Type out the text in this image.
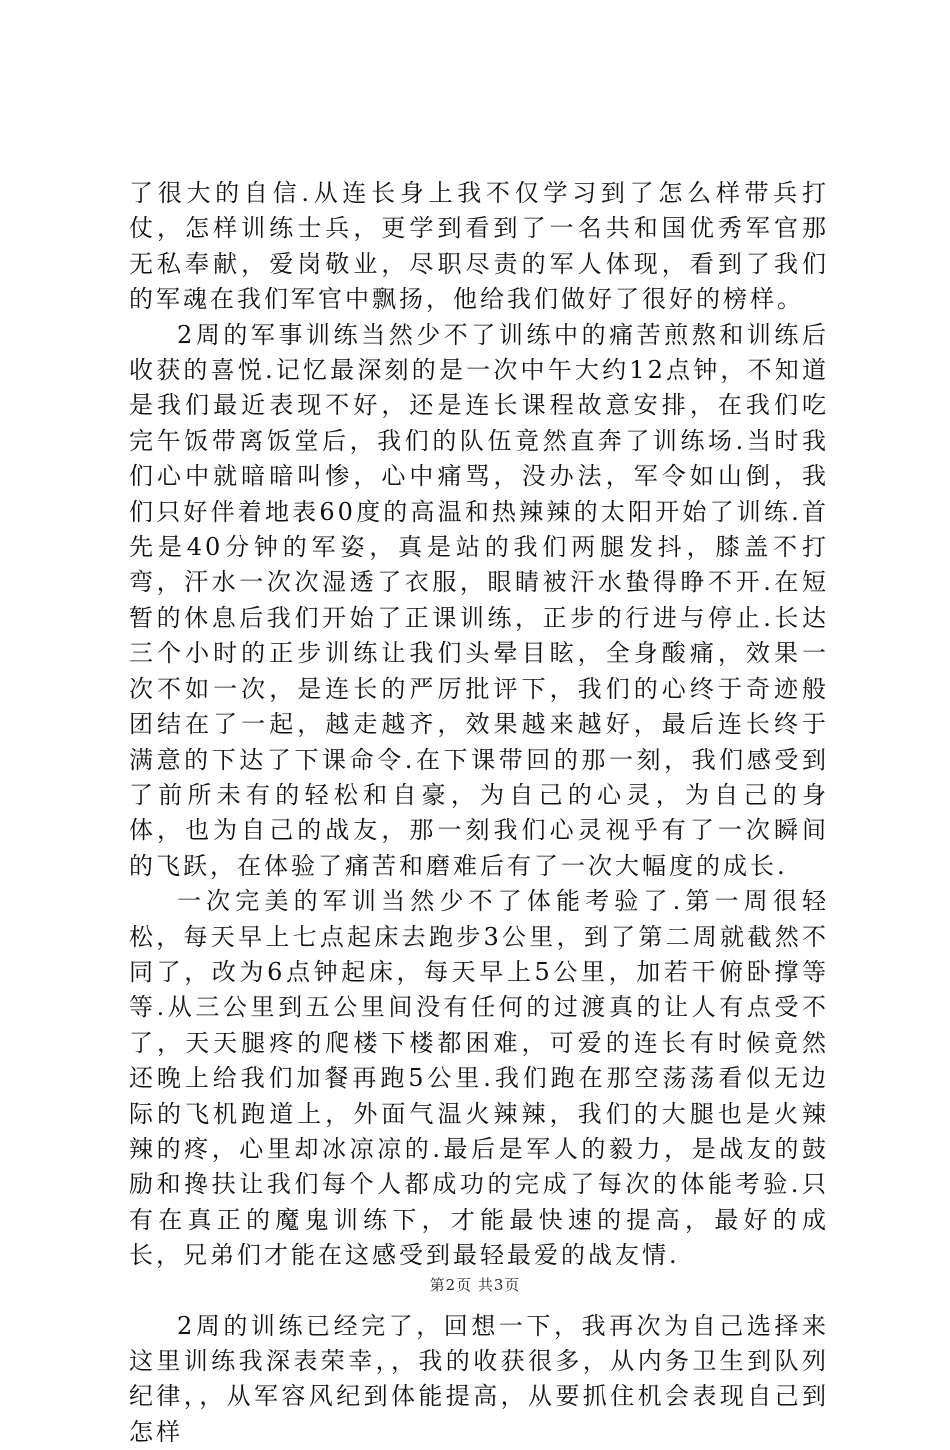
了很大的自信.从连长身上我不仅学习到了怎么样带兵打仗，怎样训练士兵，更学到看到了一名共和国优秀军官那无私奉献，爱岗敬业，尽职尽责的军人体现，看到了我们的军魂在我们军官中飘扬，他给我们做好了很好的榜样。

2周的军事训练当然少不了训练中的痛苦煎熬和训练后收获的喜悦.记忆最深刻的是一次中午大约12点钟，不知道是我们最近表现不好，还是连长课程故意安排，在我们吃完午饭带离饭堂后，我们的队伍竟然直奔了训练场.当时我们心中就暗暗叫惨，心中痛骂，没办法，军令如山倒，我们只好伴着地表60度的高温和热辣辣的太阳开始了训练.首先是40分钟的军姿，真是站的我们两腿发抖，膝盖不打弯，汗水一次次湿透了衣服，眼睛被汗水蛰得睁不开.在短暂的休息后我们开始了正课训练，正步的行进与停止.长达三个小时的正步训练让我们头晕目眩，全身酸痛，效果一次不如一次，是连长的严厉批评下，我们的心终于奇迹般团结在了一起，越走越齐，效果越来越好，最后连长终于满意的下达了下课命令.在下课带回的那一刻，我们感受到了前所未有的轻松和自豪，为自己的心灵，为自己的身体，也为自己的战友，那一刻我们心灵视乎有了一次瞬间的飞跃，在体验了痛苦和磨难后有了一次大幅度的成长.

一次完美的军训当然少不了体能考验了.第一周很轻松，每天早上七点起床去跑步3公里，到了第二周就截然不同了，改为6点钟起床，每天早上5公里，加若干俯卧撑等等.从三公里到五公里间没有任何的过渡真的让人有点受不了，天天腿疼的爬楼下楼都困难，可爱的连长有时候竟然还晚上给我们加餐再跑5公里.我们跑在那空荡荡看似无边际的飞机跑道上，外面气温火辣辣，我们的大腿也是火辣辣的疼，心里却冰凉凉的.最后是军人的毅力，是战友的鼓励和搀扶让我们每个人都成功的完成了每次的体能考验.只有在真正的魔鬼训练下，才能最快速的提高，最好的成长，兄弟们才能在这感受到最轻最爱的战友情.

2周的训练已经完了，回想一下，我再次为自己选择来这里训练我深表荣幸，，我的收获很多，从内务卫生到队列纪律，，从军容风纪到体能提高，从要抓住机会表现自己到怎样

第2页 共3页
